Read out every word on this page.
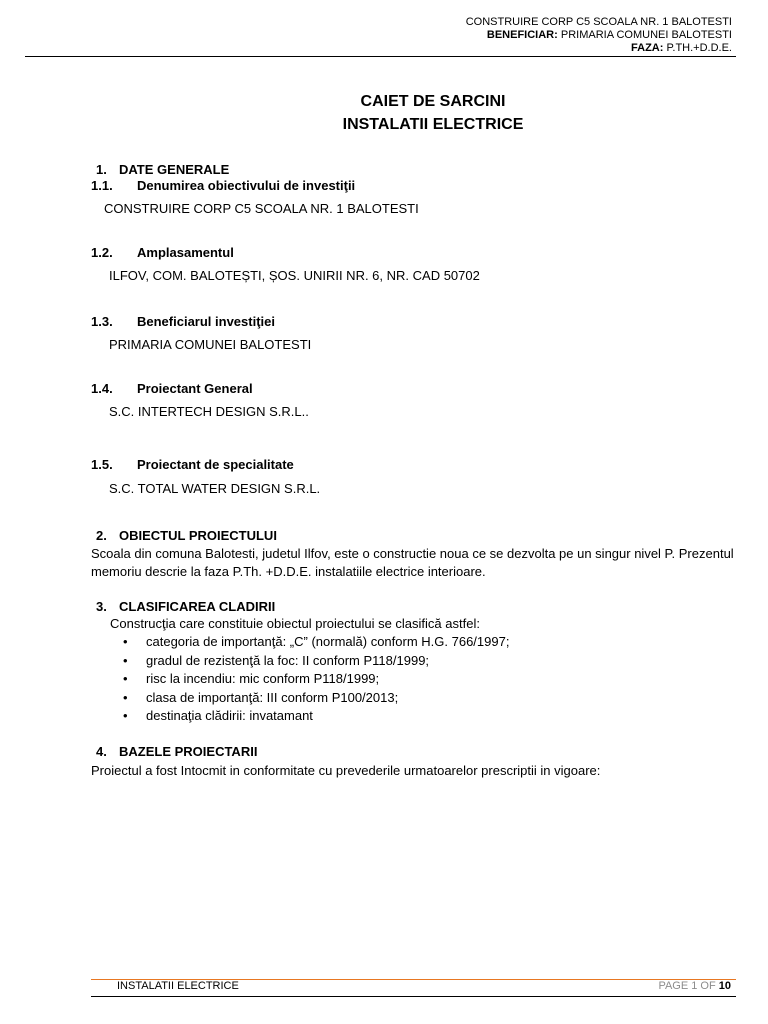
CONSTRUIRE CORP C5 SCOALA NR. 1 BALOTESTI
BENEFICIAR: PRIMARIA COMUNEI BALOTESTI
FAZA: P.TH.+D.D.E.
CAIET DE SARCINI
INSTALATII ELECTRICE
1. DATE GENERALE
1.1. Denumirea obiectivului de investiţii
CONSTRUIRE CORP C5 SCOALA NR. 1 BALOTESTI
1.2. Amplasamentul
ILFOV, COM. BALOTEȘTI, ȘOS. UNIRII NR. 6, NR. CAD 50702
1.3. Beneficiarul investiţiei
PRIMARIA COMUNEI BALOTESTI
1.4. Proiectant General
S.C. INTERTECH DESIGN S.R.L..
1.5. Proiectant de specialitate
S.C. TOTAL WATER DESIGN S.R.L.
2. OBIECTUL PROIECTULUI
Scoala din comuna Balotesti, judetul Ilfov, este o constructie noua ce se dezvolta pe un singur nivel P. Prezentul memoriu descrie la faza P.Th. +D.D.E. instalatiile electrice interioare.
3. CLASIFICAREA CLADIRII
Construcţia care constituie obiectul proiectului se clasifică astfel:
• categoria de importanţă: „C” (normală) conform H.G. 766/1997;
• gradul de rezistenţă la foc: II conform P118/1999;
• risc la incendiu: mic conform P118/1999;
• clasa de importanţă: III conform P100/2013;
• destinaţia clădirii: invatamant
4. BAZELE PROIECTARII
Proiectul a fost Intocmit in conformitate cu prevederile urmatoarelor prescriptii in vigoare:
INSTALATII ELECTRICE	PAGE 1 OF 10
